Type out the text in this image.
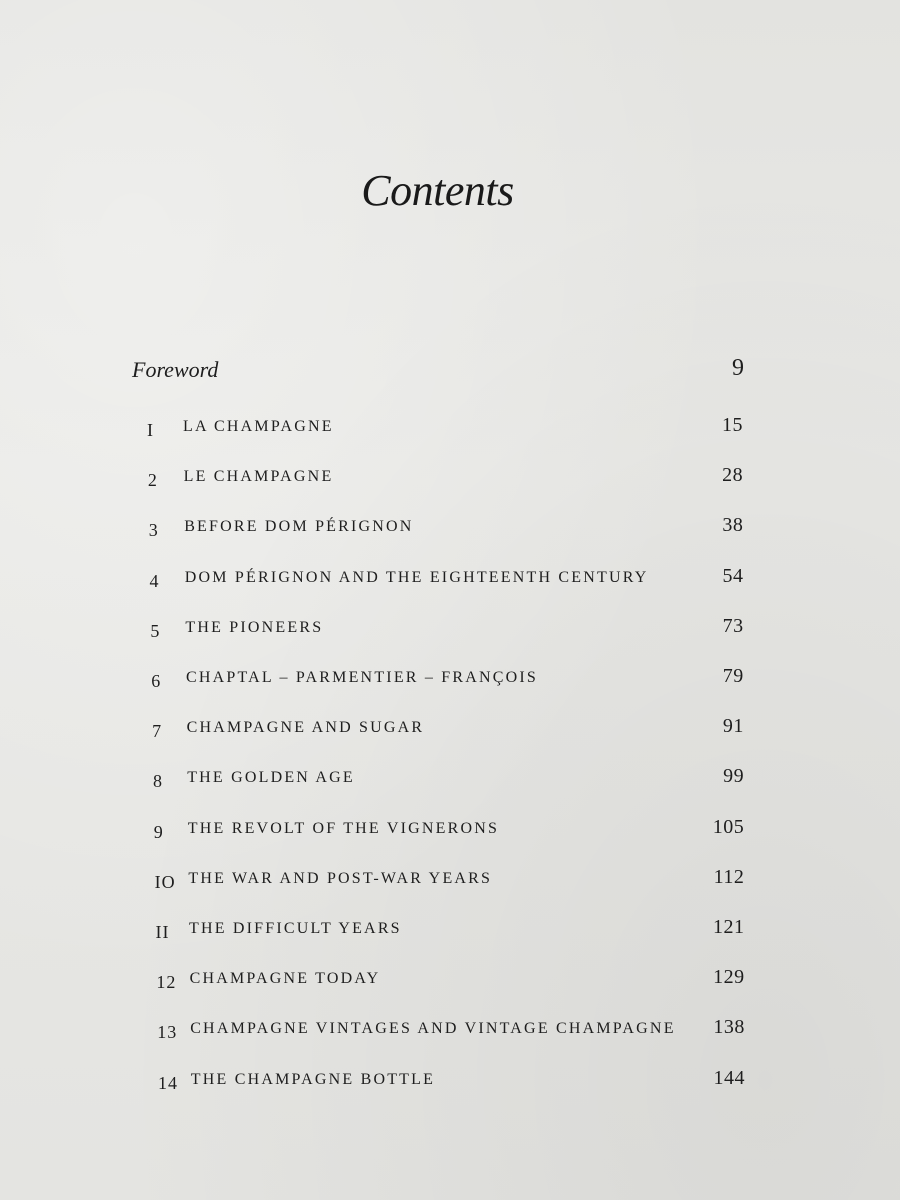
Contents
Foreword	9
I LA CHAMPAGNE	15
2 LE CHAMPAGNE	28
3 BEFORE DOM PÉRIGNON	38
4 DOM PÉRIGNON AND THE EIGHTEENTH CENTURY	54
5 THE PIONEERS	73
6 CHAPTAL – PARMENTIER – FRANÇOIS	79
7 CHAMPAGNE AND SUGAR	91
8 THE GOLDEN AGE	99
9 THE REVOLT OF THE VIGNERONS	105
IO THE WAR AND POST-WAR YEARS	112
II THE DIFFICULT YEARS	121
12 CHAMPAGNE TODAY	129
13 CHAMPAGNE VINTAGES AND VINTAGE CHAMPAGNE 138
14 THE CHAMPAGNE BOTTLE	144
